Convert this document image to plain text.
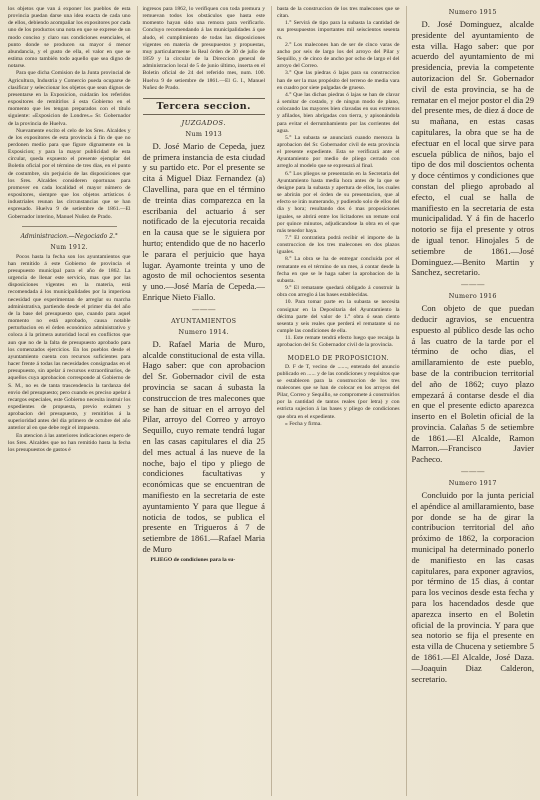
los objetos que van á exponer los pueblos de esta provincia puedan darse una idea exacta de cada uno de ellos, debiendo acompañar los expositores por cada uno de los productos una nota en que se exprese de un modo conciso y claro sus condiciones esenciales, el punto donde se producen su mayor ó menor abundancia, y el gusto de ella, el valor en que se estima como también todo aquello que sea digno de notarse.

Para que dicha Comision de la Junta provincial de Agricultura, Industria y Comercio pueda ocuparse de clasificar y seleccionar los objetos que sean dignos de presentarse en la Exposicion, cuidarán los referidos expositores de remitirlos á esta Gobierno en el momento que les tengan preparados con el título siguiente: «Exposicion de Londres.» Sr. Gobernador de la provincia de Huelva.

Nuevamente excito el celo de los Sres. Alcaldes y de los expositores de esta provincia á fin de que no perdonen medio para que figure dignamente en la Exposicion; y para la mayor publicidad de esta circular, queda expuesto el presente ejemplar del Boletin oficial por el término de tres dias, en el punto de costumbre, sin perjuicio de las disposiciones que los Sres. Alcaldes consideren oportunas para promover en cada localidad el mayor número de expositores, siempre que los objetos artísticos ó industriales reunan las circunstancias que se han expresado. Huelva 9 de setiembre de 1861.—El Gobernador interino, Manuel Nuñez de Prado.

Administracion.—Negociado 2.°
Num 1912.

Pocos hasta la fecha son los ayuntamientos que han remitido á este Gobierno de provincia el presupuesto municipal para el año de 1862. La urgencia de llenar este servicio, mas que por las disposiciones vigentes en la materia, está recomendada á los municipalidades por la imperiosa necesidad que experimentan de arreglar su marcha administrativa, partiendo desde el primer dia del año de la base del presupuesto que, cuando para aquel momento no está aprobado, causa notable perturbacion en el órden económico administrativo y coloca á la primera autoridad local en conflictos que aun que no de la falta de presupuesto aprobado para los comenzados ejercicios. En los pueblos desde el ayuntamiento cuenta con recursos suficientes para hacer frente á todas las necesidades consignadas en el presupuesto, sin apelar á recursos extraordinarios, de aquellos cuya aprobacion corresponde al Gobierno de S. M., no es de tanta trascendencia la tardanza del envio del presupuesto; pero cuando es preciso apelar á recargos especiales, este Gobierno necesita instruir los expedientes de propuesta, previo exámen y aprobacion del presupuesto, y remitirlos á la superioridad antes del dia primero de octubre del año anterior al en que debe regir el impuesto.

En atencion á las anteriores indicaciones espero de los Sres. Alcaldes que no han remitido hasta la fecha los presupuestos de gastos é

ingresos para 1862, lo verifiquen con toda premura y remuevan todos los obstáculos que hasta este momento hayan sido una remora para verificarlo. Concluyo recomendando á las municipalidades á que aludo, el cumplimiento de todas las disposiciones vigentes en materia de presupuestos y propuestas, muy particularmente la Real órden de 30 de julio de 1859 y la circular de la Direccion general de administracion local de 5 de junio último, inserta en el Boletin oficial de 24 del referido mes, num. 100. Huelva 9 de setiembre de 1861.—El G. I., Manuel Nuñez de Prado.

Tercera seccion.
JUZGADOS.
Num 1913

D. José Mario de Cepeda, juez de primera instancia de esta ciudad y su partido etc. Por el presente se cita á Miguel Diaz Fernandez (a) Clavellina, para que en el término de treinta dias comparezca en la escribania del actuario á ser notificado de la ejecutoria recaida en la causa que se le siguiera por hurto; entendido que de no hacerlo le parara el perjuicio que haya lugar. Ayamonte treinta y uno de agosto de mil ochocientos sesenta y uno.—José María de Cepeda.—Enrique Nieto Fiallo.

———
AYUNTAMIENTOS
Numero 1914.

D. Rafael Maria de Muro, alcalde constitucional de esta villa. Hago saber: que con aprobacion del Sr. Gobernador civil de esta provincia se sacan á subasta la construccion de tres malecones que se han de situar en el arroyo del Pilar, arroyo del Correo y arroyo Sequillo, cuyo remate tendrá lugar en las casas capitulares el dia 25 del mes actual á las nueve de la noche, bajo el tipo y pliego de condiciones facultativas y económicas que se encuentran de manifiesto en la secretaria de este ayuntamiento Y para que llegue á noticia de todos, se publica el presente en Trigueros á 7 de setiembre de 1861.—Rafael Maria de Muro

PLIEGO de condiciones para la su-

basta de la construccion de los tres malecones que se citan.

1.° Servirá de tipo para la subasta la cantidad de sus presupuestos importantes mil seiscientos sesenta rs.

2.° Los malecones han de ser de cinco varas de ancho por seis de largo los del arroyo del Pilar y Sequillo, y de cinco de ancho por ocho de largo el del arroyo del Correo.

3.° Que las piedras ó lajas para su construccion han de ser la mas propósito del terreno de media vara en cuadro por siete pulgadas de grueso.

4.° Que las dichas piedras ó lajas se han de clavar á semitar de costado, y de ningun modo de plano, colocando las mayores bien clavadas en sus extremos y afilados, bien abrigadas con tierra, y apisonándola para evitar el derrumbamiento por las corrientes del agua.

5.° La subasta se anunciará cuando merezca la aprobacion del Sr. Gobernador civil de esta provincia el presente expediente. Esta se verificará ante el Ayuntamiento por medio de pliego cerrado con arreglo al modelo que se expresará al final.

6.° Los pliegos se presentarán en la Secretaria del Ayuntamiento hasta media hora antes de la que se designe para la subasta y apertura de ellos, los cuales se abrirán por el órden de su presentacion, que al efecto se irán numerando, y pudiendo solo de ellos del dia y hora; resultando dos ó mas proposiciones iguales, se abrirá entre los licitadores un remate oral por quince minutos, adjudicandose la obra en el que más tenedor haya.

7.° El contratista podrá recibir el importe de la construccion de los tres malecones en dos plazos iguales.

8.° La obra se ha de entregar concluida por el rematante en el término de un mes, á contar desde la fecha en que se le haga saber la aprobacion de la subasta.

9.° El rematante quedará obligado á construir la obra con arreglo á las bases establecidas.

10. Para tomar parte en la subasta se necesita consignar en la Depositaria del Ayuntamiento la décima parte del valor de 1.° obra ó sean ciento sesenta y seis reales que perderá el rematante si no cumple las condiciones de ella.

11. Este remate tendrá efecto luego que recaiga la aprobacion del Sr. Gobernador civil de la provincia.

MODELO DE PROPOSICION.

D. F de T, vecino de ......., enterado del anuncio publicado en ...... y de las condiciones y requisitos que se establecen para la construccion de los tres malecones que se han de colocar en los arroyos del Pilar, Correo y Sequillo, se compromete á construirlos por la cantidad de tantos reales (por letra) y con estricta sujecion á las bases y pliego de condiciones que obra en el expediente.

» Fecha y firma.

Numero 1915

D. José Dominguez, alcalde presidente del ayuntamiento de esta villa. Hago saber: que por acuerdo del ayuntamiento de mi presidencia, previa la competente autorizacion del Sr. Gobernador civil de esta provincia, se ha de rematar en el mejor postor el dia 29 del presente mes, de diez á doce de su mañana, en estas casas capitulares, la obra que se ha de efectuar en el local que sirve para escuela pública de niños, bajo el tipo de dos mil doscientos ochenta y doce céntimos y condiciones que constan del pliego aprobado al efecto, el cual se halla de manifiesto en la secretaria de esta municipalidad. Y á fin de hacerlo notorio se fija el presente y otros de igual tenor. Hinojales 5 de setiembre de 1861.—José Dominguez.—Benito Martin y Sanchez, secretario.

———
Numero 1916

Con objeto de que puedan deducir agravios, se encuentra espuesto al público desde las ocho á las cuatro de la tarde por el término de ocho dias, el amillaramiento de este pueblo, base de la contribucion territorial del año de 1862; cuyo plazo empezará á contarse desde el dia en que el presente edicto aparezca inserto en el Boletin oficial de la provincia. Calañas 5 de setiembre de 1861.—El Alcalde, Ramon Marron.—Francisco Javier Pacheco.

———
Numero 1917

Concluido por la junta pericial el apéndice al amillaramiento, base por donde se ha de girar la contribucion territorial del año próximo de 1862, la corporacion municipal ha determinado ponerlo de manifiesto en las casas capitulares, para exponer agravios, por término de 15 dias, á contar para los vecinos desde esta fecha y para los hacendados desde que aparezca inserto en el Boletin oficial de la provincia. Y para que sea notorio se fija el presente en esta villa de Chucena y setiembre 5 de 1861.—El Alcalde, José Daza.—Joaquin Diaz Calderon, secretario.
